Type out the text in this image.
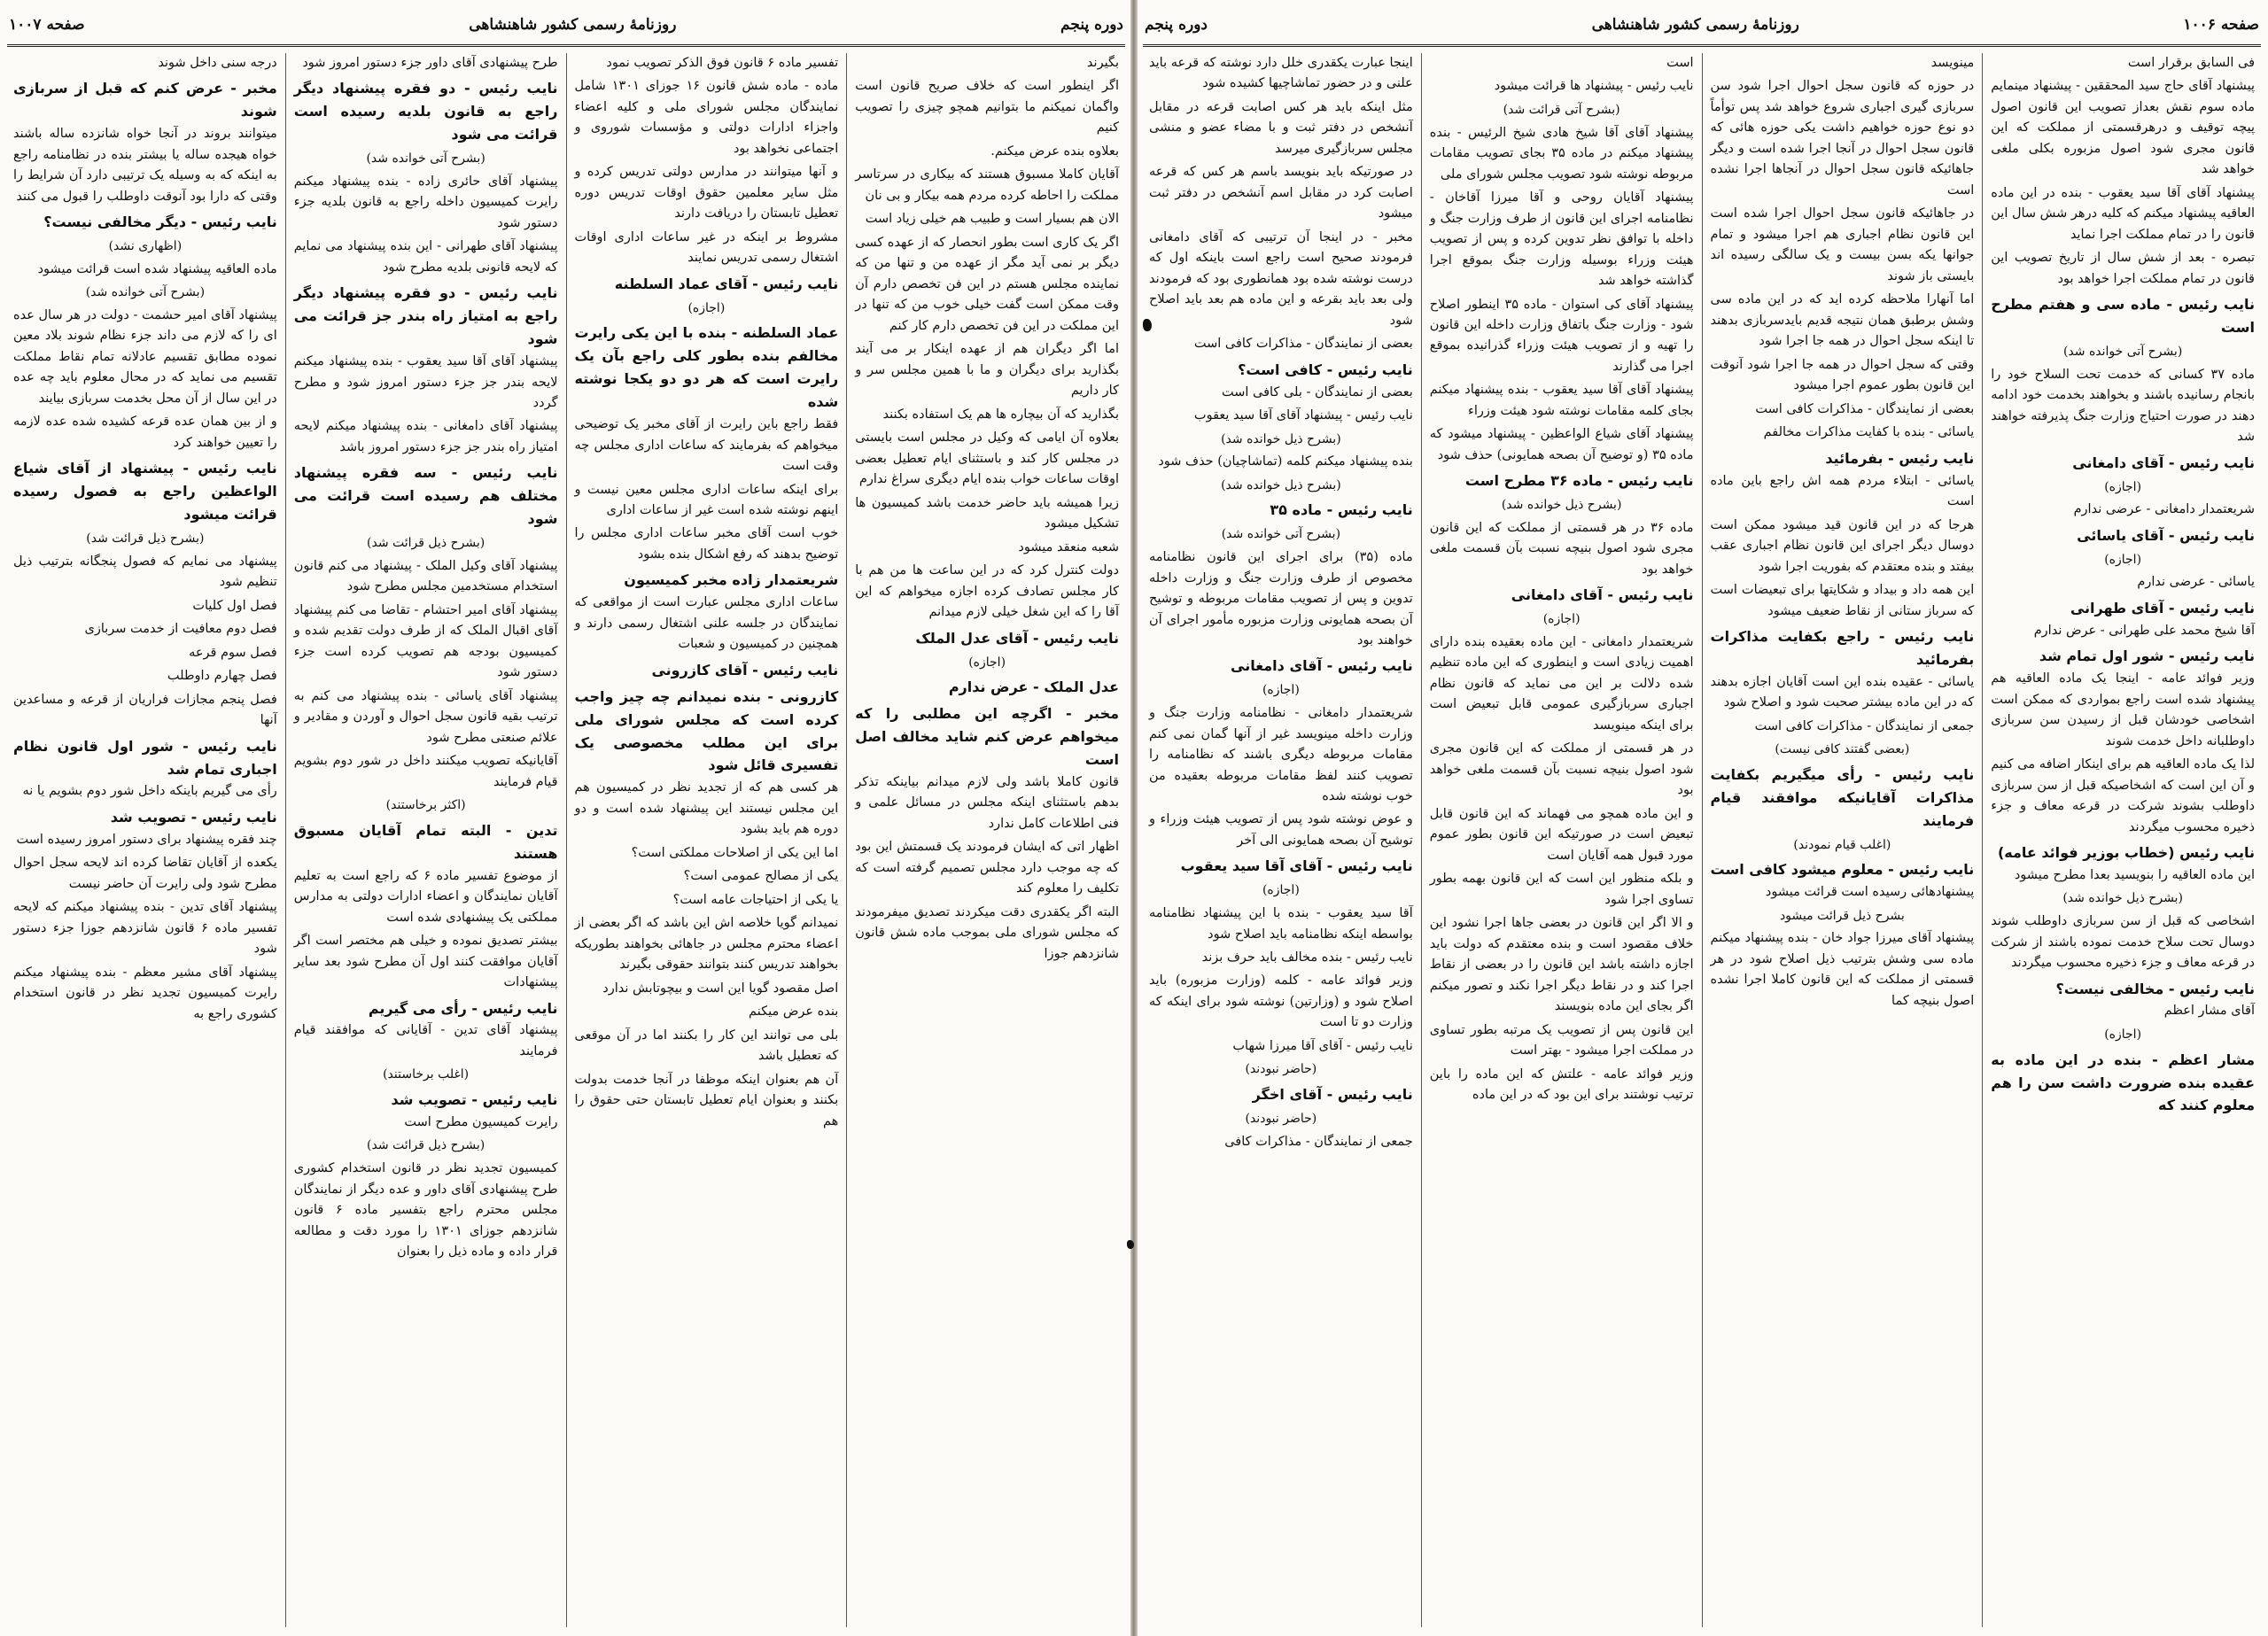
دوره پنجم
روزنامهٔ رسمی کشور شاهنشاهی
صفحه ۱۰۰۷

بگیرند

اگر اینطور است که خلاف صریح قانون است واگمان نمیکنم ما بتوانیم همچو چیزی را تصویب کنیم

بعلاوه بنده عرض میکنم.

آقایان کاملا مسبوق هستند که بیکاری در سرتاسر مملکت را احاطه کرده مردم همه بیکار و بی نان

الان هم بسیار است و طبیب هم خیلی زیاد است

اگر یک کاری است بطور انحصار که از عهده کسی دیگر بر نمی آید مگر از عهده من و تنها من که نماینده مجلس هستم در این فن تخصص دارم آن وقت ممکن است گفت خیلی خوب من که تنها در این مملکت در این فن تخصص دارم کار کنم

اما اگر دیگران هم از عهده اینکار بر می آیند بگذارید برای دیگران و ما با همین مجلس سر و کار داریم

بگذارید که آن بیچاره ها هم یک استفاده بکنند

بعلاوه آن ایامی که وکیل در مجلس است بایستی در مجلس کار کند و باستثنای ایام تعطیل بعضی اوقات ساعات خواب بنده ایام دیگری سراغ ندارم

زیرا همیشه باید حاضر خدمت باشد کمیسیون ها تشکیل میشود

شعبه منعقد میشود

دولت کنترل کرد که در این ساعت ها من هم با کار مجلس تصادف کرده اجازه میخواهم که این آقا را که این شغل خیلی لازم میدانم

نایب رئیس - آقای عدل الملک
(اجازه)
عدل الملک - عرض ندارم
مخبر - اگرچه این مطلبی را که میخواهم عرض کنم شاید مخالف اصل است

قانون کاملا باشد ولی لازم میدانم بیاینکه تذکر بدهم باستثنای اینکه مجلس در مسائل علمی و فنی اطلاعات کامل ندارد

اظهار اتی که ایشان فرمودند یک قسمتش این بود که چه موجب دارد مجلس تصمیم گرفته است که تکلیف را معلوم کند

البته اگر یکقدری دقت میکردند تصدیق میفرمودند که مجلس شورای ملی بموجب ماده شش قانون شانزدهم جوزا

تفسیر ماده ۶ قانون فوق الذکر تصویب نمود

ماده - ماده شش قانون ۱۶ جوزای ۱۳۰۱ شامل نمایندگان مجلس شورای ملی و کلیه اعضاء واجزاء ادارات دولتی و مؤسسات شوروی و اجتماعی نخواهد بود

و آنها میتوانند در مدارس دولتی تدریس کرده و مثل سایر معلمین حقوق اوقات تدریس دوره تعطیل تابستان را دریافت دارند

مشروط بر اینکه در غیر ساعات اداری اوقات اشتغال رسمی تدریس نمایند

نایب رئیس - آقای عماد السلطنه
(اجازه)
عماد السلطنه - بنده با این یکی رایرت مخالفم بنده بطور کلی راجع بآن یک رایرت است که هر دو دو یکجا نوشته شده

فقط راجع باین رایرت از آقای مخبر یک توضیحی میخواهم که بفرمایند که ساعات اداری مجلس چه وقت است

برای اینکه ساعات اداری مجلس معین نیست و اینهم نوشته شده است غیر از ساعات اداری

خوب است آقای مخبر ساعات اداری مجلس را توضیح بدهند که رفع اشکال بنده بشود

شریعتمدار زاده مخبر کمیسیون

ساعات اداری مجلس عبارت است از مواقعی که نمایندگان در جلسه علنی اشتغال رسمی دارند و همچنین در کمیسیون و شعبات

نایب رئیس - آقای کازرونی
کازرونی - بنده نمیدانم چه چیز واجب کرده است که مجلس شورای ملی برای این مطلب مخصوصی یک تفسیری قائل شود

هر کسی هم که از تجدید نظر در کمیسیون هم این مجلس نیستند این پیشنهاد شده است و دو دوره هم باید بشود

اما این یکی از اصلاحات مملکتی است؟

یکی از مصالح عمومی است؟

یا یکی از احتیاجات عامه است؟

نمیدانم گویا خلاصه اش این باشد که اگر بعضی از اعضاء محترم مجلس در جاهائی بخواهند بطوریکه بخواهند تدریس کنند بتوانند حقوقی بگیرند

اصل مقصود گویا این است و بیچوتابش ندارد

بنده عرض میکنم

بلی می توانند این کار را بکنند اما در آن موقعی که تعطیل باشد

آن هم بعنوان اینکه موظفا در آنجا خدمت بدولت بکنند و بعنوان ایام تعطیل تابستان حتی حقوق را هم

طرح پیشنهادی آقای داور جزء دستور امروز شود

نایب رئیس - دو فقره پیشنهاد دیگر راجع به قانون بلدیه رسیده است قرائت می شود
(بشرح آتی خوانده شد)

پیشنهاد آقای حائری زاده - بنده پیشنهاد میکنم رایرت کمیسیون داخله راجع به قانون بلدیه جزء دستور شود

پیشنهاد آقای طهرانی - این بنده پیشنهاد می نمایم که لایحه قانونی بلدیه مطرح شود

نایب رئیس - دو فقره پیشنهاد دیگر راجع به امتیاز راه بندر جز قرائت می شود

پیشنهاد آقای آقا سید یعقوب - بنده پیشنهاد میکنم لایحه بندر جز جزء دستور امروز شود و مطرح گردد

پیشنهاد آقای دامغانی - بنده پیشنهاد میکنم لایحه امتیاز راه بندر جز جزء دستور امروز باشد

نایب رئیس - سه فقره پیشنهاد مختلف هم رسیده است قرائت می شود
(بشرح ذیل قرائت شد)

پیشنهاد آقای وکیل الملک - پیشنهاد می کنم قانون استخدام مستخدمین مجلس مطرح شود

پیشنهاد آقای امیر احتشام - تقاضا می کنم پیشنهاد آقای اقبال الملک که از طرف دولت تقدیم شده و کمیسیون بودجه هم تصویب کرده است جزء دستور شود

پیشنهاد آقای یاسائی - بنده پیشنهاد می کنم به ترتیب بقیه قانون سجل احوال و آوردن و مقادیر و علائم صنعتی مطرح شود

آقایانیکه تصویب میکنند داخل در شور دوم بشویم قیام فرمایند

(اکثر برخاستند)
تدین - البته تمام آقایان مسبوق هستند

از موضوع تفسیر ماده ۶ که راجع است به تعلیم آقایان نمایندگان و اعضاء ادارات دولتی به مدارس مملکتی یک پیشنهادی شده است

بیشتر تصدیق نموده و خیلی هم مختصر است اگر آقایان موافقت کنند اول آن مطرح شود بعد سایر پیشنهادات

نایب رئیس - رأی می گیریم

پیشنهاد آقای تدین - آقایانی که موافقند قیام فرمایند

(اغلب برخاستند)
نایب رئیس - تصویب شد

رایرت کمیسیون مطرح است

(بشرح ذیل قرائت شد)

کمیسیون تجدید نظر در قانون استخدام کشوری طرح پیشنهادی آقای داور و عده دیگر از نمایندگان مجلس محترم راجع بتفسیر ماده ۶ قانون شانزدهم جوزای ۱۳۰۱ را مورد دقت و مطالعه قرار داده و ماده ذیل را بعنوان

درجه سنی داخل شوند

مخبر - عرض کنم که قبل از سربازی شوند

میتوانند بروند در آنجا خواه شانزده ساله باشند خواه هیجده ساله یا بیشتر بنده در نظامنامه راجع به اینکه که به وسیله یک ترتیبی دارد آن شرایط را وقتی که دارا بود آنوقت داوطلب را قبول می کنند

نایب رئیس - دیگر مخالفی نیست؟
(اظهاری نشد)

ماده العاقیه پیشنهاد شده است قرائت میشود

(بشرح آتی خوانده شد)

پیشنهاد آقای امیر حشمت - دولت در هر سال عده ای را که لازم می داند جزء نظام شوند بلاد معین نموده مطابق تقسیم عادلانه تمام نقاط مملکت تقسیم می نماید که در محال معلوم باید چه عده در این سال از آن محل بخدمت سربازی بیایند

و از بین همان عده قرعه کشیده شده عده لازمه را تعیین خواهند کرد

نایب رئیس - پیشنهاد از آقای شیاع الواعظین راجع به فصول رسیده قرائت میشود
(بشرح ذیل قرائت شد)

پیشنهاد می نمایم که فصول پنجگانه بترتیب ذیل تنظیم شود

فصل اول کلیات

فصل دوم معافیت از خدمت سربازی

فصل سوم قرعه

فصل چهارم داوطلب

فصل پنجم مجازات فراریان از قرعه و مساعدین آنها

نایب رئیس - شور اول قانون نظام اجباری تمام شد

رأی می گیریم باینکه داخل شور دوم بشویم یا نه

نایب رئیس - تصویب شد

چند فقره پیشنهاد برای دستور امروز رسیده است

یکعده از آقایان تقاضا کرده اند لایحه سجل احوال مطرح شود ولی رایرت آن حاضر نیست

پیشنهاد آقای تدین - بنده پیشنهاد میکنم که لایحه تفسیر ماده ۶ قانون شانزدهم جوزا جزء دستور شود

پیشنهاد آقای مشیر معظم - بنده پیشنهاد میکنم رایرت کمیسیون تجدید نظر در قانون استخدام کشوری راجع به

صفحه ۱۰۰۶
روزنامهٔ رسمی کشور شاهنشاهی
دوره پنجم

فی السابق برقرار است

پیشنهاد آقای حاج سید المحققین - پیشنهاد مینمایم ماده سوم نقش بعداز تصویب این قانون اصول پیچه توقیف و درهرقسمتی از مملکت که این قانون مجری شود اصول مزبوره بکلی ملغی خواهد شد

پیشنهاد آقای آقا سید یعقوب - بنده در این ماده العاقیه پیشنهاد میکنم که کلیه درهر شش سال این قانون را در تمام مملکت اجرا نماید

تبصره - بعد از شش سال از تاریخ تصویب این قانون در تمام مملکت اجرا خواهد بود

نایب رئیس - ماده سی و هفتم مطرح است
(بشرح آتی خوانده شد)

ماده ۳۷ کسانی که خدمت تحت السلاح خود را بانجام رسانیده باشند و بخواهند بخدمت خود ادامه دهند در صورت احتیاج وزارت جنگ پذیرفته خواهند شد

نایب رئیس - آقای دامغانی
(اجازه)

شریعتمدار دامغانی - عرضی ندارم

نایب رئیس - آقای یاسائی
(اجازه)

یاسائی - عرضی ندارم

نایب رئیس - آقای طهرانی

آقا شیخ محمد علی طهرانی - عرض ندارم

نایب رئیس - شور اول تمام شد

وزیر فوائد عامه - اینجا یک ماده العاقیه هم پیشنهاد شده است راجع بمواردی که ممکن است اشخاصی خودشان قبل از رسیدن سن سربازی داوطلبانه داخل خدمت شوند

لذا یک ماده العاقیه هم برای اینکار اضافه می کنیم و آن این است که اشخاصیکه قبل از سن سربازی داوطلب بشوند شرکت در قرعه معاف و جزء ذخیره محسوب میگردند

نایب رئیس (خطاب بوزیر فوائد عامه)

این ماده العاقیه را بنویسید بعدا مطرح میشود

(بشرح ذیل خوانده شد)

اشخاصی که قبل از سن سربازی داوطلب شوند دوسال تحت سلاح خدمت نموده باشند از شرکت در قرعه معاف و جزء ذخیره محسوب میگردند

نایب رئیس - مخالفی نیست؟

آقای مشار اعظم

(اجازه)
مشار اعظم - بنده در این ماده به عقیده بنده ضرورت داشت سن را هم معلوم کنند که

مینویسد

در حوزه که قانون سجل احوال اجرا شود سن سربازی گیری اجباری شروع خواهد شد پس توأماً دو نوع حوزه خواهیم داشت یکی حوزه هائی که قانون سجل احوال در آنجا اجرا شده است و دیگر جاهائیکه قانون سجل احوال در آنجاها اجرا نشده است

در جاهائیکه قانون سجل احوال اجرا شده است این قانون نظام اجباری هم اجرا میشود و تمام جوانها یکه بسن بیست و یک سالگی رسیده اند بایستی باز شوند

اما آنهارا ملاحظه کرده اید که در این ماده سی وشش برطبق همان نتیجه قدیم بایدسربازی بدهند تا اینکه سجل احوال در همه جا اجرا شود

وقتی که سجل احوال در همه جا اجرا شود آنوقت این قانون بطور عموم اجرا میشود

بعضی از نمایندگان - مذاکرات کافی است

یاسائی - بنده با کفایت مذاکرات مخالفم

نایب رئیس - بفرمائید

یاسائی - ابتلاء مردم همه اش راجع باین ماده است

هرجا که در این قانون قید میشود ممکن است دوسال دیگر اجرای این قانون نظام اجباری عقب بیفتد و بنده معتقدم که بفوریت اجرا شود

این همه داد و بیداد و شکایتها برای تبعیضات است که سرباز ستانی از نقاط ضعیف میشود

نایب رئیس - راجع بکفایت مذاکرات بفرمائید

یاسائی - عقیده بنده این است آقایان اجازه بدهند که در این ماده بیشتر صحبت شود و اصلاح شود

جمعی از نمایندگان - مذاکرات کافی است

(بعضی گفتند کافی نیست)
نایب رئیس - رأی میگیریم بکفایت مذاکرات آقایانیکه موافقند قیام فرمایند
(اغلب قیام نمودند)
نایب رئیس - معلوم میشود کافی است

پیشنهادهائی رسیده است قرائت میشود

بشرح ذیل قرائت میشود

پیشنهاد آقای میرزا جواد خان - بنده پیشنهاد میکنم ماده سی وشش بترتیب ذیل اصلاح شود در هر قسمتی از مملکت که این قانون کاملا اجرا نشده اصول بنیچه کما

است

نایب رئیس - پیشنهاد ها قرائت میشود

(بشرح آتی قرائت شد)

پیشنهاد آقای آقا شیخ هادی شیخ الرئیس - بنده پیشنهاد میکنم در ماده ۳۵ بجای تصویب مقامات مربوطه نوشته شود تصویب مجلس شورای ملی

پیشنهاد آقایان روحی و آقا میرزا آقاخان - نظامنامه اجرای این قانون از طرف وزارت جنگ و داخله با توافق نظر تدوین کرده و پس از تصویب هیئت وزراء بوسیله وزارت جنگ بموقع اجرا گذاشته خواهد شد

پیشنهاد آقای کی استوان - ماده ۳۵ اینطور اصلاح شود - وزارت جنگ باتفاق وزارت داخله این قانون را تهیه و از تصویب هیئت وزراء گذرانیده بموقع اجرا می گذارند

پیشنهاد آقای آقا سید یعقوب - بنده پیشنهاد میکنم بجای کلمه مقامات نوشته شود هیئت وزراء

پیشنهاد آقای شیاع الواعظین - پیشنهاد میشود که ماده ۳۵ (و توضیح آن بصحه همایونی) حذف شود

نایب رئیس - ماده ۳۶ مطرح است
(بشرح ذیل خوانده شد)

ماده ۳۶ در هر قسمتی از مملکت که این قانون مجری شود اصول بنیچه نسبت بآن قسمت ملغی خواهد بود

نایب رئیس - آقای دامغانی
(اجازه)

شریعتمدار دامغانی - این ماده بعقیده بنده دارای اهمیت زیادی است و اینطوری که این ماده تنظیم شده دلالت بر این می نماید که قانون نظام اجباری سربازگیری عمومی قابل تبعیض است برای اینکه مینویسد

در هر قسمتی از مملکت که این قانون مجری شود اصول بنیچه نسبت بآن قسمت ملغی خواهد بود

و این ماده همچو می فهماند که این قانون قابل تبعیض است در صورتیکه این قانون بطور عموم مورد قبول همه آقایان است

و بلکه منظور این است که این قانون بهمه بطور تساوی اجرا شود

و الا اگر این قانون در بعضی جاها اجرا نشود این خلاف مقصود است و بنده معتقدم که دولت باید اجازه داشته باشد این قانون را در بعضی از نقاط اجرا کند و در نقاط دیگر اجرا نکند و تصور میکنم اگر بجای این ماده بنویسند

این قانون پس از تصویب یک مرتبه بطور تساوی در مملکت اجرا میشود - بهتر است

وزیر فوائد عامه - علتش که این ماده را باین ترتیب نوشتند برای این بود که در این ماده

اینجا عبارت یکقدری خلل دارد نوشته که قرعه باید علنی و در حضور تماشاچیها کشیده شود

مثل اینکه باید هر کس اصابت قرعه در مقابل آنشخص در دفتر ثبت و با مضاء عضو و منشی مجلس سربازگیری میرسد

در صورتیکه باید بنویسد باسم هر کس که قرعه اصابت کرد در مقابل اسم آنشخص در دفتر ثبت میشود

مخبر - در اینجا آن ترتیبی که آقای دامغانی فرمودند صحیح است راجع است باینکه اول که درست نوشته شده بود همانطوری بود که فرمودند ولی بعد باید بقرعه و این ماده هم بعد باید اصلاح شود

بعضی از نمایندگان - مذاکرات کافی است

نایب رئیس - کافی است؟

بعضی از نمایندگان - بلی کافی است

نایب رئیس - پیشنهاد آقای آقا سید یعقوب

(بشرح ذیل خوانده شد)

بنده پیشنهاد میکنم کلمه (تماشاچیان) حذف شود

(بشرح ذیل خوانده شد)
نایب رئیس - ماده ۳۵
(بشرح آتی خوانده شد)

ماده (۳۵) برای اجرای این قانون نظامنامه مخصوص از طرف وزارت جنگ و وزارت داخله تدوین و پس از تصویب مقامات مربوطه و توشیح آن بصحه همایونی وزارت مزبوره مأمور اجرای آن خواهند بود

نایب رئیس - آقای دامغانی
(اجازه)

شریعتمدار دامغانی - نظامنامه وزارت جنگ و وزارت داخله مینویسد غیر از آنها گمان نمی کنم مقامات مربوطه دیگری باشند که نظامنامه را تصویب کنند لفظ مقامات مربوطه بعقیده من خوب نوشته شده

و عوض نوشته شود پس از تصویب هیئت وزراء و توشیح آن بصحه همایونی الی آخر

نایب رئیس - آقای آقا سید یعقوب
(اجازه)

آقا سید یعقوب - بنده با این پیشنهاد نظامنامه بواسطه اینکه نظامنامه باید اصلاح شود

نایب رئیس - بنده مخالف باید حرف بزند

وزیر فوائد عامه - کلمه (وزارت مزبوره) باید اصلاح شود و (وزارتین) نوشته شود برای اینکه که وزارت دو تا است

نایب رئیس - آقای آقا میرزا شهاب

(حاضر نبودند)
نایب رئیس - آقای اخگر
(حاضر نبودند)

جمعی از نمایندگان - مذاکرات کافی
